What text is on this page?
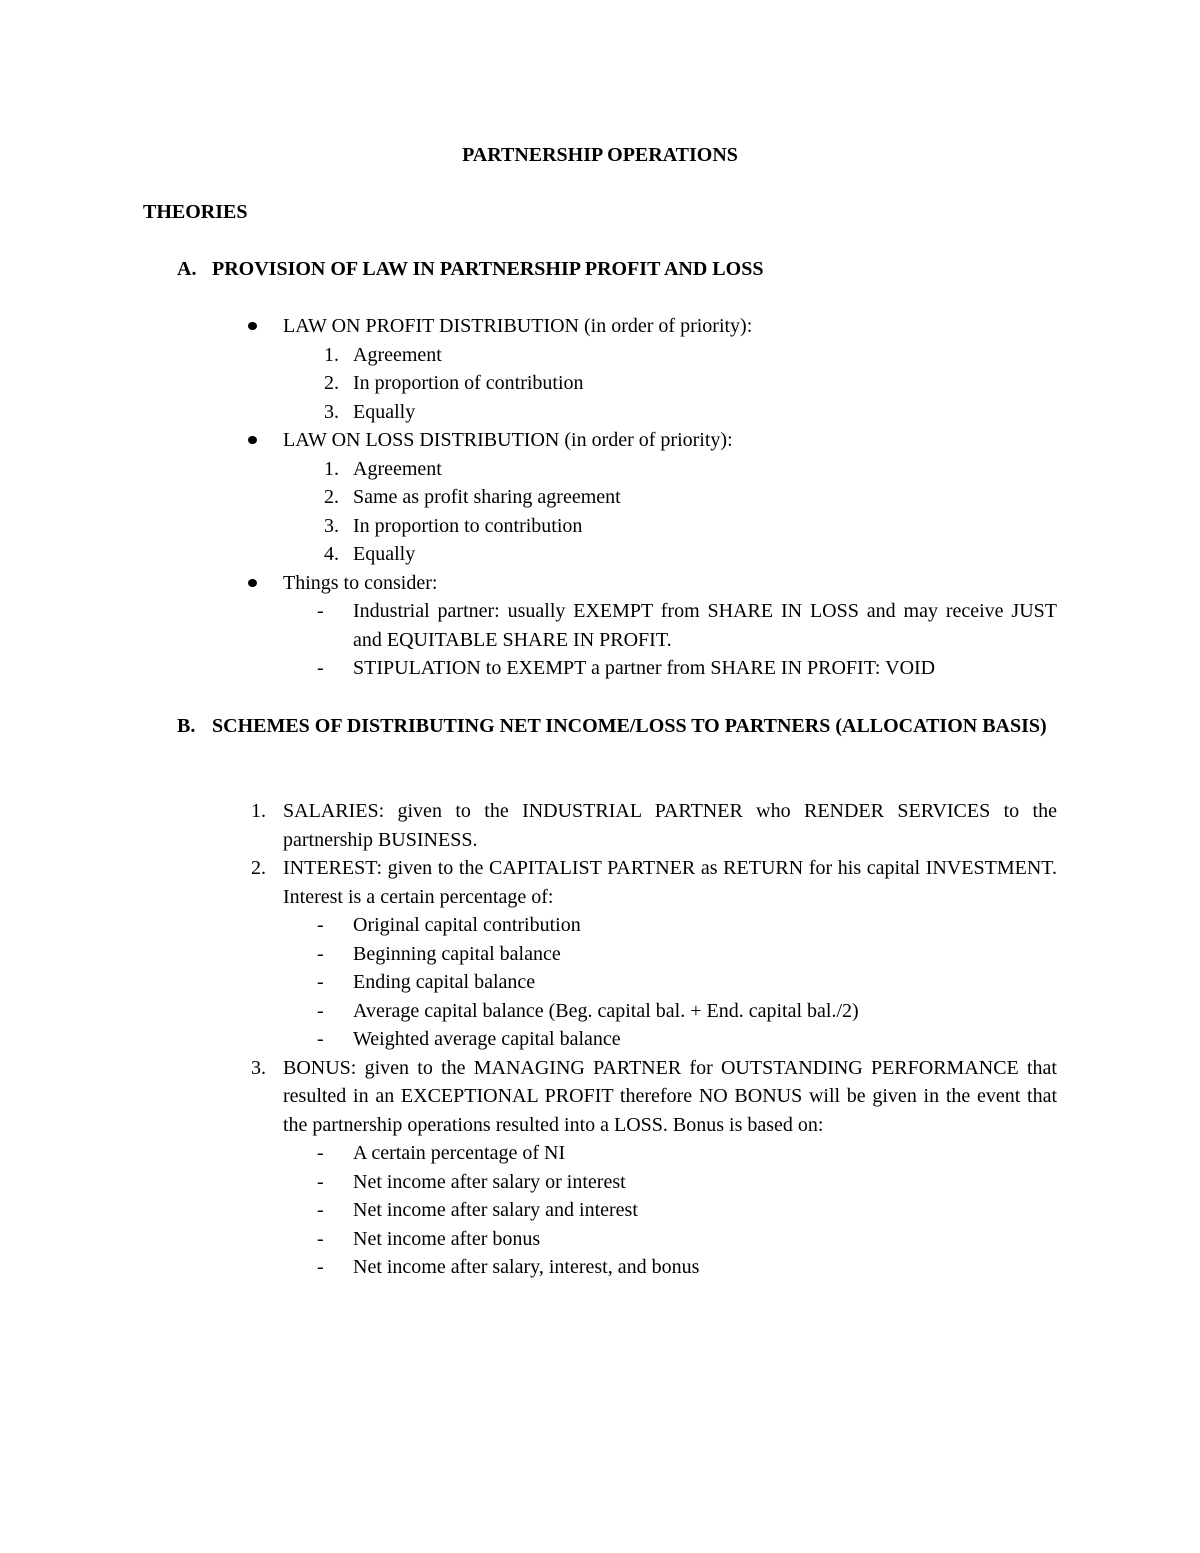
PARTNERSHIP OPERATIONS

THEORIES

A. PROVISION OF LAW IN PARTNERSHIP PROFIT AND LOSS
LAW ON PROFIT DISTRIBUTION (in order of priority):
1. Agreement
2. In proportion of contribution
3. Equally
LAW ON LOSS DISTRIBUTION (in order of priority):
1. Agreement
2. Same as profit sharing agreement
3. In proportion to contribution
4. Equally
Things to consider:
- Industrial partner: usually EXEMPT from SHARE IN LOSS and may receive JUST and EQUITABLE SHARE IN PROFIT.
- STIPULATION to EXEMPT a partner from SHARE IN PROFIT: VOID
B. SCHEMES OF DISTRIBUTING NET INCOME/LOSS TO PARTNERS (ALLOCATION BASIS)
1. SALARIES: given to the INDUSTRIAL PARTNER who RENDER SERVICES to the partnership BUSINESS.
2. INTEREST: given to the CAPITALIST PARTNER as RETURN for his capital INVESTMENT. Interest is a certain percentage of:
- Original capital contribution
- Beginning capital balance
- Ending capital balance
- Average capital balance (Beg. capital bal. + End. capital bal./2)
- Weighted average capital balance
3. BONUS: given to the MANAGING PARTNER for OUTSTANDING PERFORMANCE that resulted in an EXCEPTIONAL PROFIT therefore NO BONUS will be given in the event that the partnership operations resulted into a LOSS. Bonus is based on:
- A certain percentage of NI
- Net income after salary or interest
- Net income after salary and interest
- Net income after bonus
- Net income after salary, interest, and bonus
